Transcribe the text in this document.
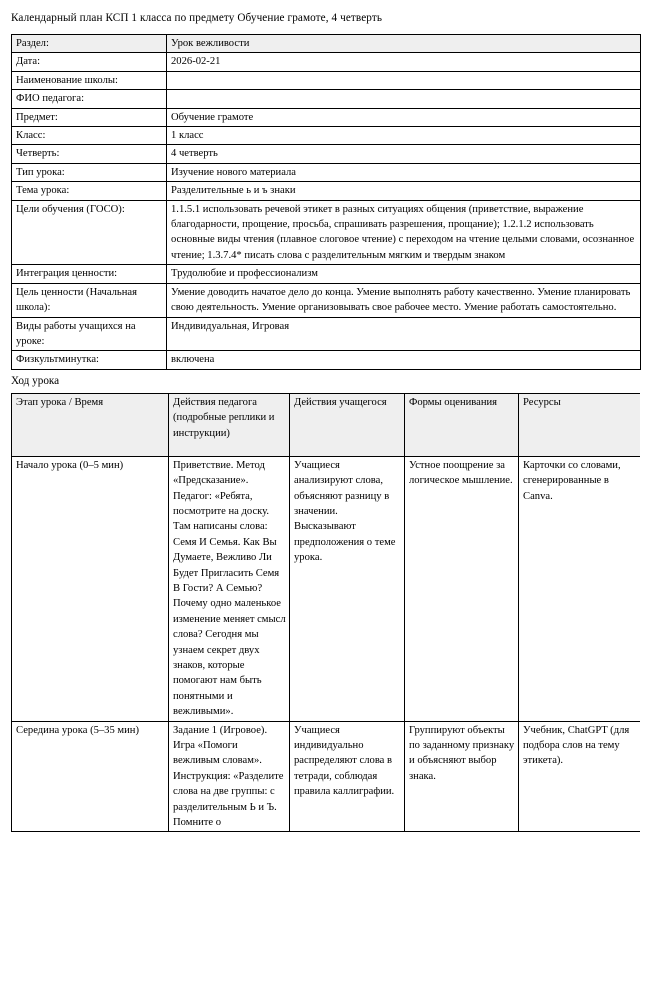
Календарный план КСП 1 класса по предмету Обучение грамоте, 4 четверть
Раздел:	Урок вежливости
Дата:	2026-02-21
Наименование школы:	
ФИО педагога:	
Предмет:	Обучение грамоте
Класс:	1 класс
Четверть:	4 четверть
Тип урока:	Изучение нового материала
Тема урока:	Разделительные ь и ъ знаки
Цели обучения (ГОСО):	1.1.5.1 использовать речевой этикет в разных ситуациях общения (приветствие, выражение благодарности, прощение, просьба, спрашивать разрешения, прощание); 1.2.1.2 использовать основные виды чтения (плавное слоговое чтение) с переходом на чтение целыми словами, осознанное чтение; 1.3.7.4* писать слова с разделительным мягким и твердым знаком
Интеграция ценности:	Трудолюбие и профессионализм
Цель ценности (Начальная школа):	Умение доводить начатое дело до конца. Умение выполнять работу качественно. Умение планировать свою деятельность. Умение организовывать свое рабочее место. Умение работать самостоятельно.
Виды работы учащихся на уроке:	Индивидуальная, Игровая
Физкультминутка:	включена
Ход урока
Этап урока / Время	Действия педагога (подробные реплики и инструкции)	Действия учащегося	Формы оценивания	Ресурсы
Начало урока (0–5 мин)	Приветствие. Метод «Предсказание». Педагог: «Ребята, посмотрите на доску. Там написаны слова: Семя И Семья. Как Вы Думаете, Вежливо Ли Будет Пригласить Семя В Гости? А Семью? Почему одно маленькое изменение меняет смысл слова? Сегодня мы узнаем секрет двух знаков, которые помогают нам быть понятными и вежливыми».	Учащиеся анализируют слова, объясняют разницу в значении. Высказывают предположения о теме урока.	Устное поощрение за логическое мышление.	Карточки со словами, сгенерированные в Canva.
Середина урока (5–35 мин)	Задание 1 (Игровое). Игра «Помоги вежливым словам». Инструкция: «Разделите слова на две группы: с разделительным Ь и Ъ. Помните о	Учащиеся индивидуально распределяют слова в тетради, соблюдая правила каллиграфии.	Группируют объекты по заданному признаку и объясняют выбор знака.	Учебник, ChatGPT (для подбора слов на тему этикета).
